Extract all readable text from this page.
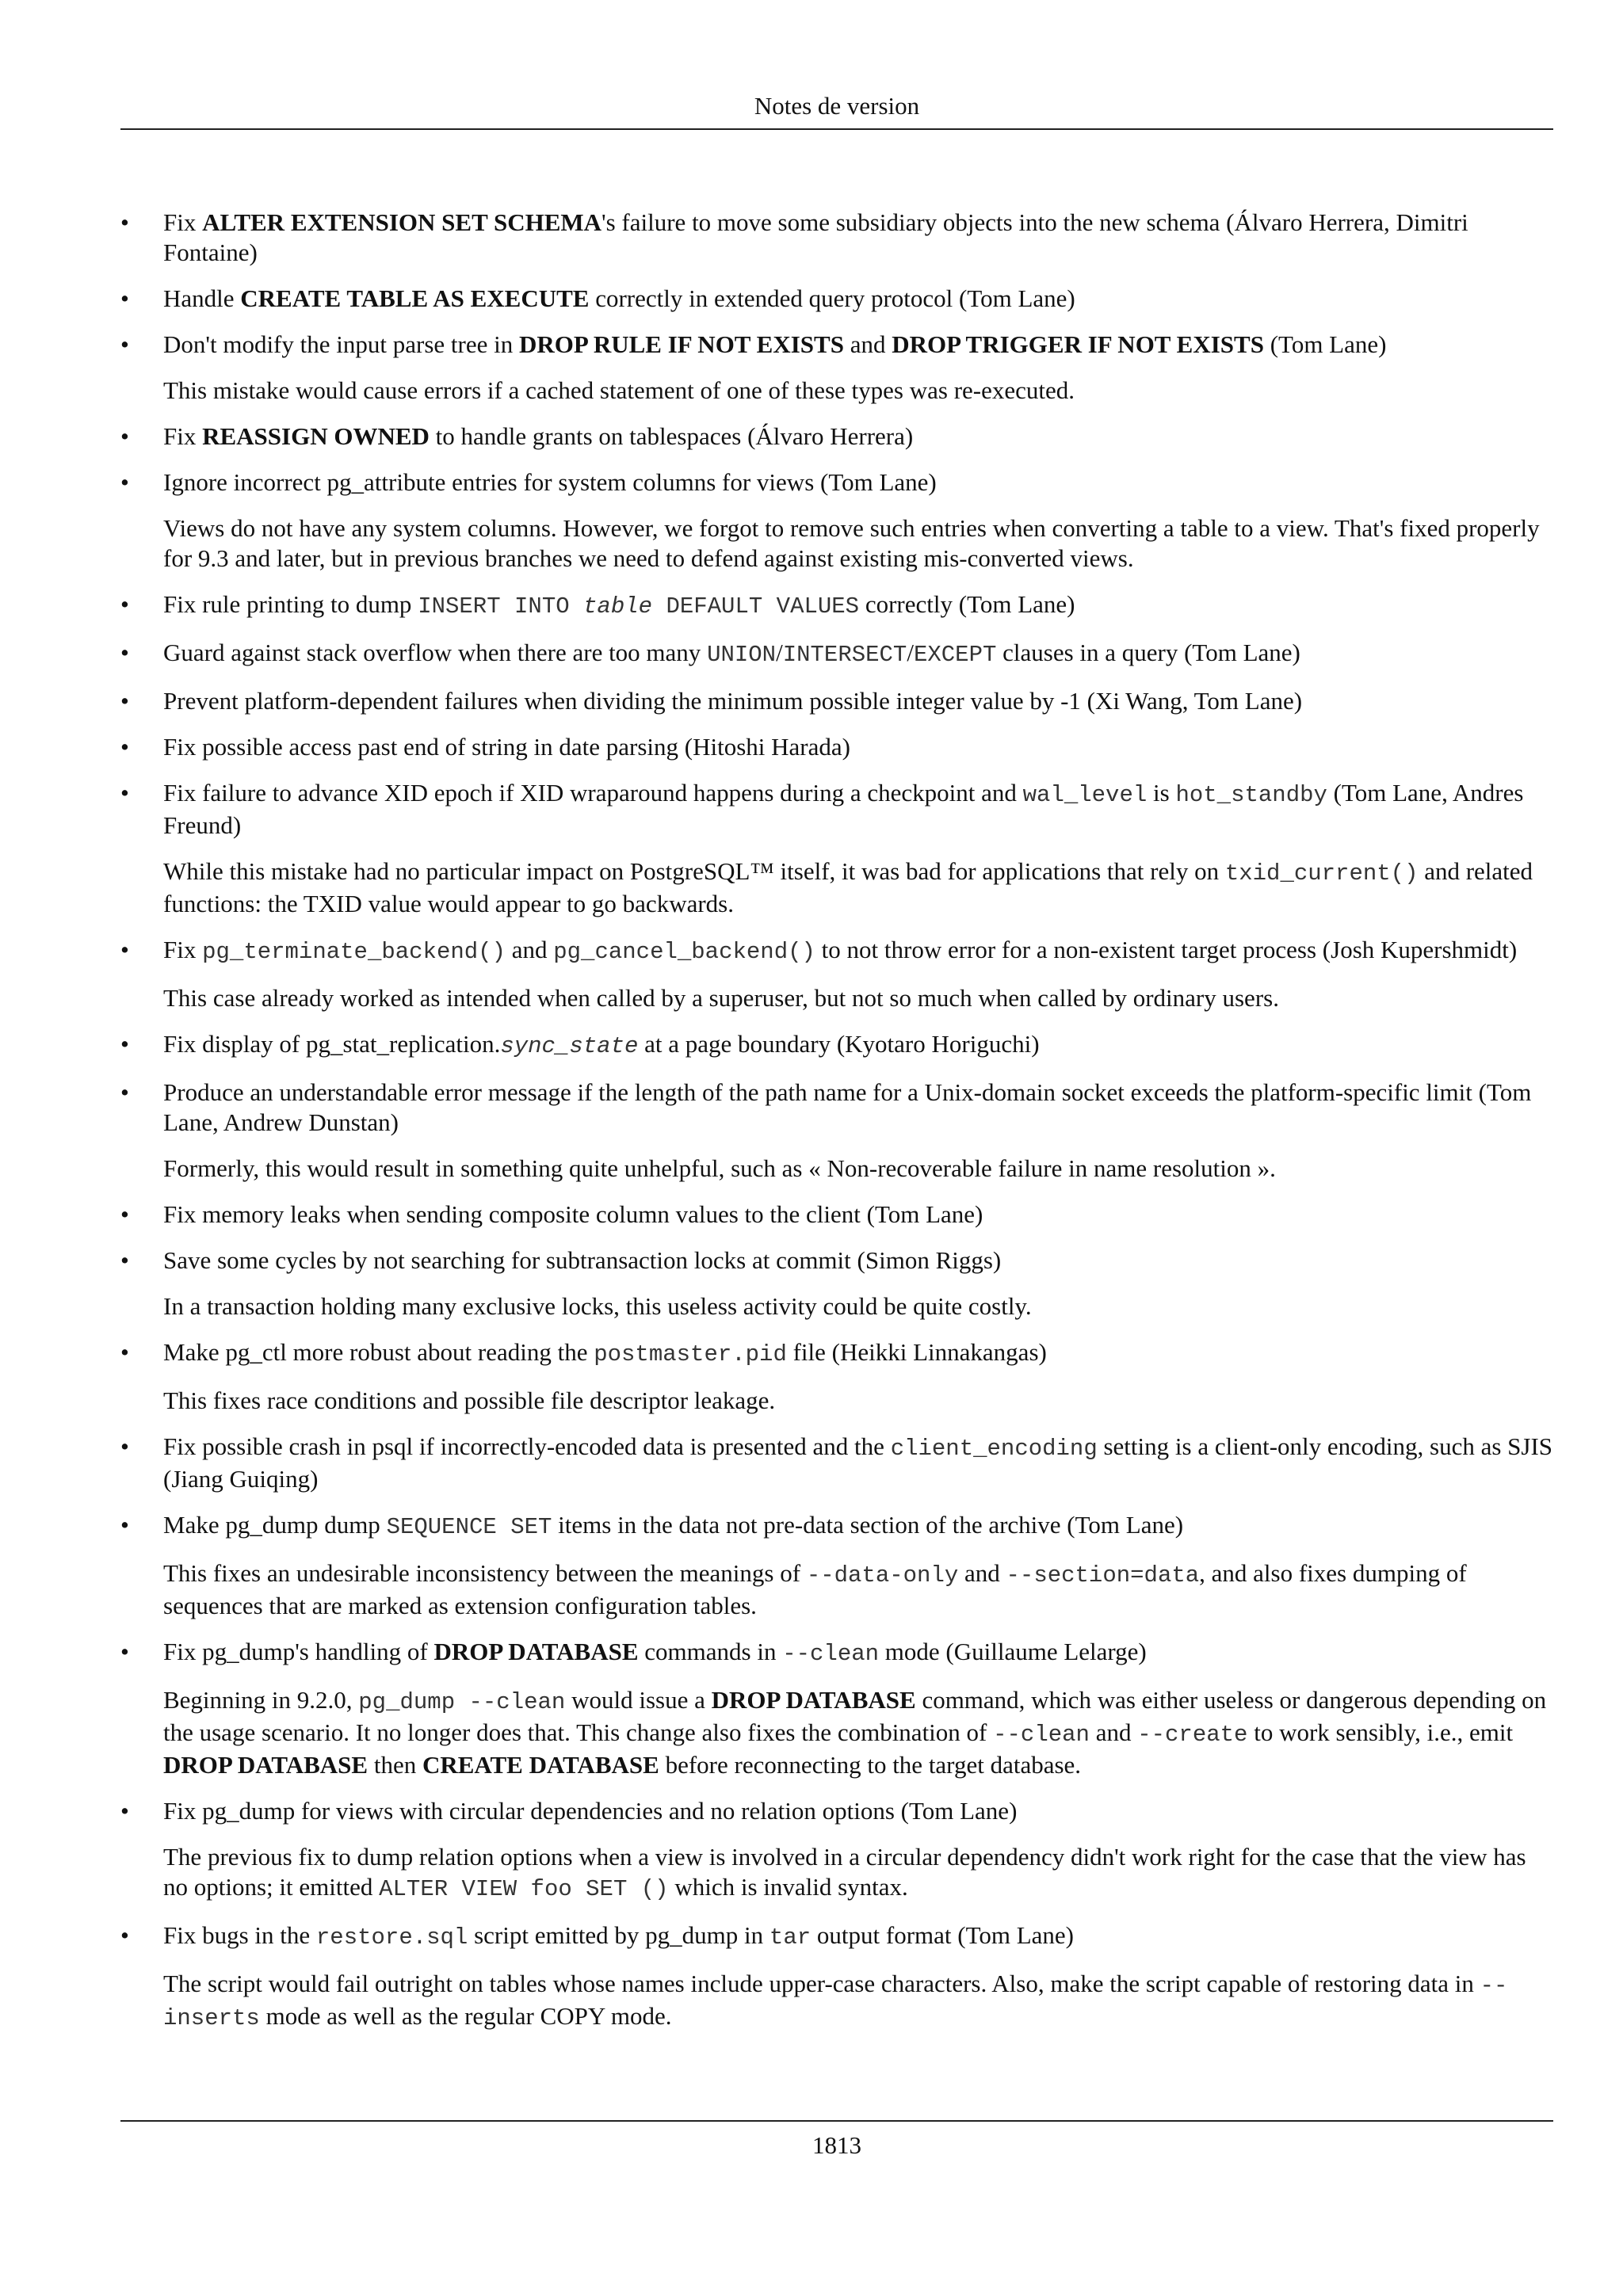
Notes de version
• Fix ALTER EXTENSION SET SCHEMA's failure to move some subsidiary objects into the new schema (Álvaro Herrera, Dimitri Fontaine)
• Handle CREATE TABLE AS EXECUTE correctly in extended query protocol (Tom Lane)
• Don't modify the input parse tree in DROP RULE IF NOT EXISTS and DROP TRIGGER IF NOT EXISTS (Tom Lane)
This mistake would cause errors if a cached statement of one of these types was re-executed.
• Fix REASSIGN OWNED to handle grants on tablespaces (Álvaro Herrera)
• Ignore incorrect pg_attribute entries for system columns for views (Tom Lane)
Views do not have any system columns. However, we forgot to remove such entries when converting a table to a view. That's fixed properly for 9.3 and later, but in previous branches we need to defend against existing mis-converted views.
• Fix rule printing to dump INSERT INTO table DEFAULT VALUES correctly (Tom Lane)
• Guard against stack overflow when there are too many UNION/INTERSECT/EXCEPT clauses in a query (Tom Lane)
• Prevent platform-dependent failures when dividing the minimum possible integer value by -1 (Xi Wang, Tom Lane)
• Fix possible access past end of string in date parsing (Hitoshi Harada)
• Fix failure to advance XID epoch if XID wraparound happens during a checkpoint and wal_level is hot_standby (Tom Lane, Andres Freund)
While this mistake had no particular impact on PostgreSQL™ itself, it was bad for applications that rely on txid_current() and related functions: the TXID value would appear to go backwards.
• Fix pg_terminate_backend() and pg_cancel_backend() to not throw error for a non-existent target process (Josh Kupershmidt)
This case already worked as intended when called by a superuser, but not so much when called by ordinary users.
• Fix display of pg_stat_replication.sync_state at a page boundary (Kyotaro Horiguchi)
• Produce an understandable error message if the length of the path name for a Unix-domain socket exceeds the platform-specific limit (Tom Lane, Andrew Dunstan)
Formerly, this would result in something quite unhelpful, such as « Non-recoverable failure in name resolution ».
• Fix memory leaks when sending composite column values to the client (Tom Lane)
• Save some cycles by not searching for subtransaction locks at commit (Simon Riggs)
In a transaction holding many exclusive locks, this useless activity could be quite costly.
• Make pg_ctl more robust about reading the postmaster.pid file (Heikki Linnakangas)
This fixes race conditions and possible file descriptor leakage.
• Fix possible crash in psql if incorrectly-encoded data is presented and the client_encoding setting is a client-only encoding, such as SJIS (Jiang Guiqing)
• Make pg_dump dump SEQUENCE SET items in the data not pre-data section of the archive (Tom Lane)
This fixes an undesirable inconsistency between the meanings of --data-only and --section=data, and also fixes dumping of sequences that are marked as extension configuration tables.
• Fix pg_dump's handling of DROP DATABASE commands in --clean mode (Guillaume Lelarge)
Beginning in 9.2.0, pg_dump --clean would issue a DROP DATABASE command, which was either useless or dangerous depending on the usage scenario. It no longer does that. This change also fixes the combination of --clean and --create to work sensibly, i.e., emit DROP DATABASE then CREATE DATABASE before reconnecting to the target database.
• Fix pg_dump for views with circular dependencies and no relation options (Tom Lane)
The previous fix to dump relation options when a view is involved in a circular dependency didn't work right for the case that the view has no options; it emitted ALTER VIEW foo SET () which is invalid syntax.
• Fix bugs in the restore.sql script emitted by pg_dump in tar output format (Tom Lane)
The script would fail outright on tables whose names include upper-case characters. Also, make the script capable of restoring data in --inserts mode as well as the regular COPY mode.
1813
